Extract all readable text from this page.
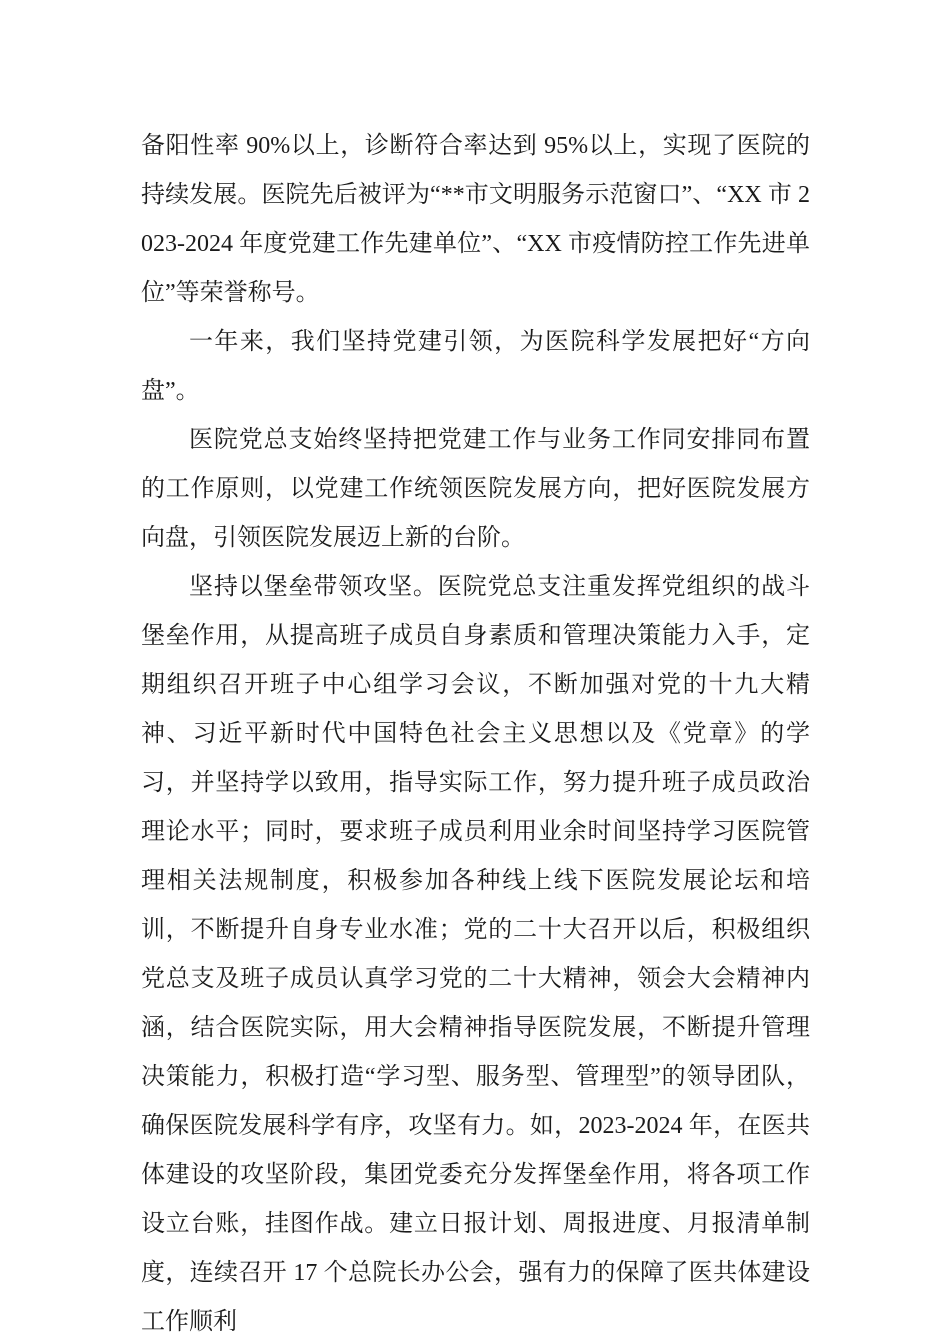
备阳性率 90%以上，诊断符合率达到 95%以上，实现了医院的持续发展。医院先后被评为“**市文明服务示范窗口”、“XX 市 2023-2024 年度党建工作先建单位”、“XX 市疫情防控工作先进单位”等荣誉称号。

一年来，我们坚持党建引领，为医院科学发展把好“方向盘”。

医院党总支始终坚持把党建工作与业务工作同安排同布置的工作原则，以党建工作统领医院发展方向，把好医院发展方向盘，引领医院发展迈上新的台阶。

坚持以堡垒带领攻坚。医院党总支注重发挥党组织的战斗堡垒作用，从提高班子成员自身素质和管理决策能力入手，定期组织召开班子中心组学习会议，不断加强对党的十九大精神、习近平新时代中国特色社会主义思想以及《党章》的学习，并坚持学以致用，指导实际工作，努力提升班子成员政治理论水平；同时，要求班子成员利用业余时间坚持学习医院管理相关法规制度，积极参加各种线上线下医院发展论坛和培训，不断提升自身专业水准；党的二十大召开以后，积极组织党总支及班子成员认真学习党的二十大精神，领会大会精神内涵，结合医院实际，用大会精神指导医院发展，不断提升管理决策能力，积极打造“学习型、服务型、管理型”的领导团队，确保医院发展科学有序，攻坚有力。如，2023-2024 年，在医共体建设的攻坚阶段，集团党委充分发挥堡垒作用，将各项工作设立台账，挂图作战。建立日报计划、周报进度、月报清单制度，连续召开 17 个总院长办公会，强有力的保障了医共体建设工作顺利
